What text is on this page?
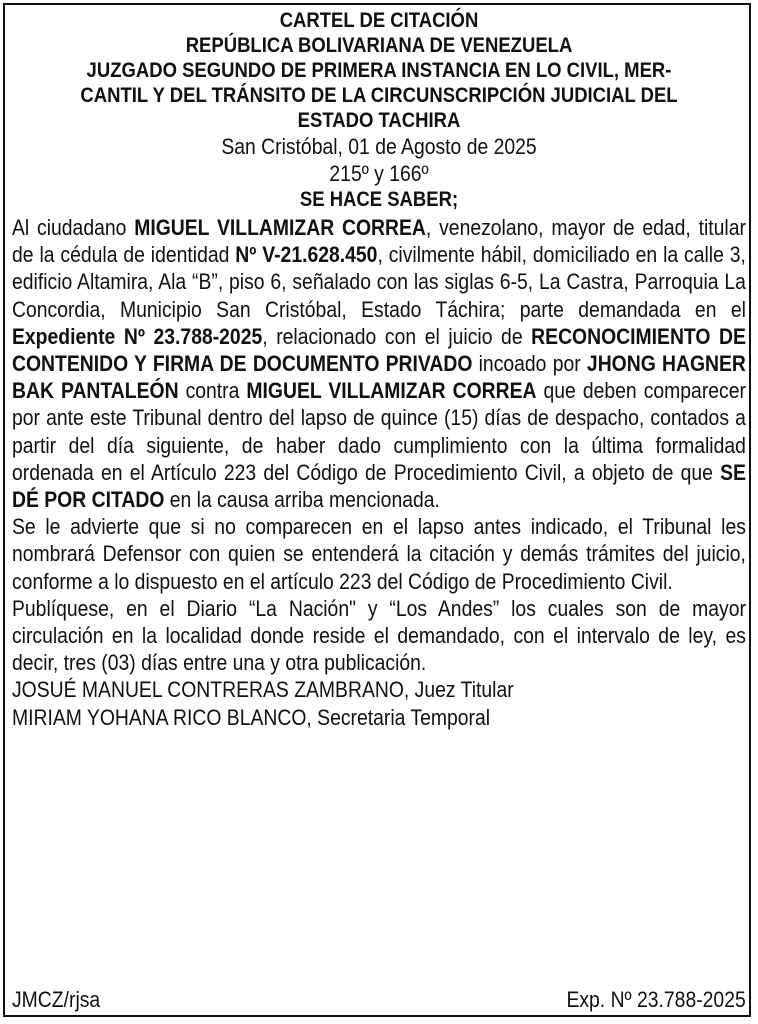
CARTEL DE CITACIÓN
REPÚBLICA BOLIVARIANA DE VENEZUELA
JUZGADO SEGUNDO DE PRIMERA INSTANCIA EN LO CIVIL, MER-
CANTIL Y DEL TRÁNSITO DE LA CIRCUNSCRIPCIÓN JUDICIAL DEL
ESTADO TACHIRA
San Cristóbal, 01 de Agosto de 2025
215º y 166º
SE HACE SABER;

Al ciudadano MIGUEL VILLAMIZAR CORREA, venezolano, mayor de edad, titular de la cédula de identidad Nº V-21.628.450, civilmente hábil, domiciliado en la calle 3, edificio Altamira, Ala “B”, piso 6, señalado con las siglas 6-5, La Castra, Parroquia La Concordia, Municipio San Cristóbal, Estado Táchira; parte demandada en el Expediente Nº 23.788-2025, relacionado con el juicio de RECONOCIMIENTO DE CONTENIDO Y FIRMA DE DOCUMENTO PRIVADO incoado por JHONG HAGNER BAK PANTALEÓN contra MIGUEL VILLAMIZAR CORREA que deben comparecer por ante este Tribunal dentro del lapso de quince (15) días de despacho, contados a partir del día siguiente, de haber dado cumplimiento con la última formalidad ordenada en el Artículo 223 del Código de Procedimiento Civil, a objeto de que SE DÉ POR CITADO en la causa arriba mencionada.

Se le advierte que si no comparecen en el lapso antes indicado, el Tribunal les nombrará Defensor con quien se entenderá la citación y demás trámites del juicio, conforme a lo dispuesto en el artículo 223 del Código de Procedimiento Civil.

Publíquese, en el Diario “La Nación" y “Los Andes” los cuales son de mayor circulación en la localidad donde reside el demandado, con el intervalo de ley, es decir, tres (03) días entre una y otra publicación.

JOSUÉ MANUEL CONTRERAS ZAMBRANO, Juez Titular
MIRIAM YOHANA RICO BLANCO, Secretaria Temporal
JMCZ/rjsa	Exp. Nº 23.788-2025
